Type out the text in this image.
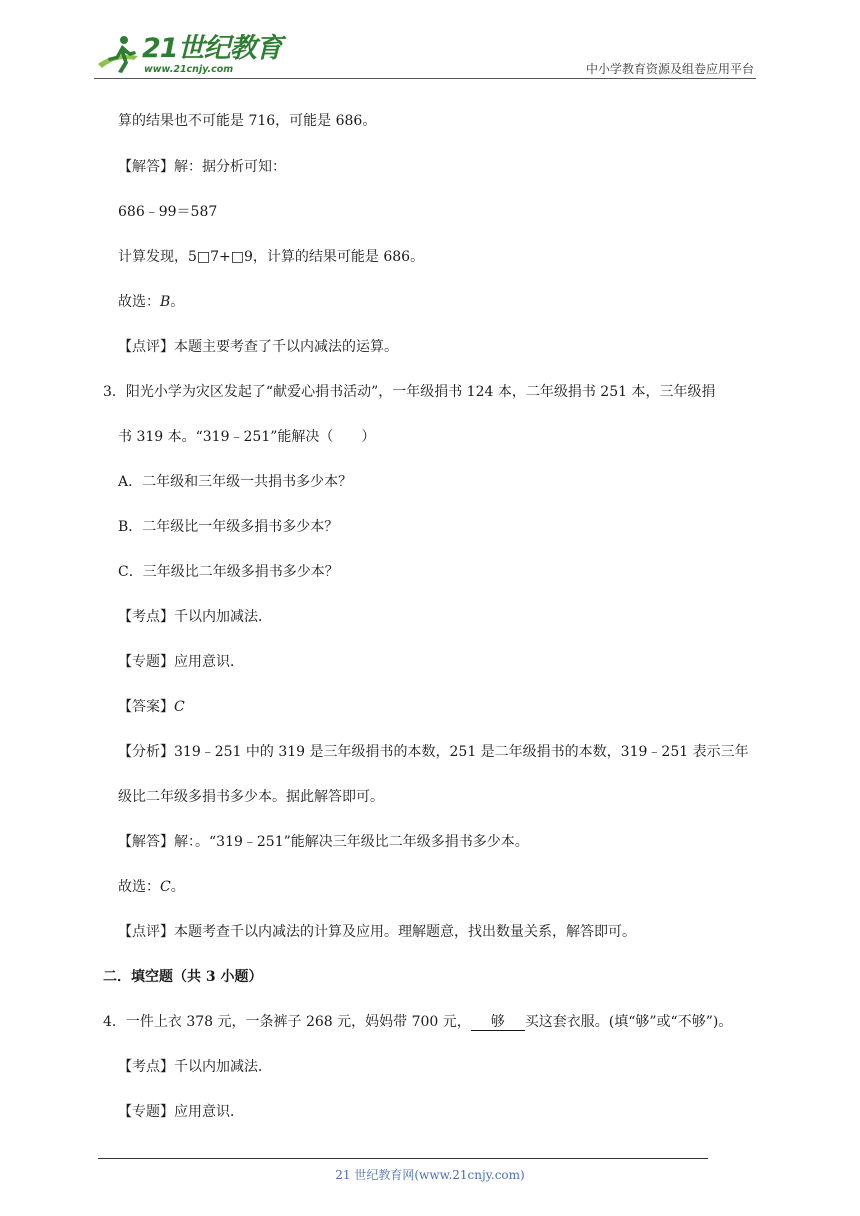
21世纪教育
www.21cnjy.com	中小学教育资源及组卷应用平台
算的结果也不可能是 716，可能是 686。
【解答】解：据分析可知：
686﹣99＝587
计算发现，5□7+□9，计算的结果可能是 686。
故选：B。
【点评】本题主要考查了千以内减法的运算。
3．阳光小学为灾区发起了“献爱心捐书活动”，一年级捐书 124 本，二年级捐书 251 本，三年级捐
书 319 本。“319﹣251”能解决（　　）
A．二年级和三年级一共捐书多少本？
B．二年级比一年级多捐书多少本？
C．三年级比二年级多捐书多少本？
【考点】千以内加减法．
【专题】应用意识．
【答案】C
【分析】319﹣251 中的 319 是三年级捐书的本数，251 是二年级捐书的本数，319﹣251 表示三年
级比二年级多捐书多少本。据此解答即可。
【解答】解：。“319﹣251”能解决三年级比二年级多捐书多少本。
故选：C。
【点评】本题考查千以内减法的计算及应用。理解题意，找出数量关系，解答即可。
二．填空题（共 3 小题）
4．一件上衣 378 元，一条裤子 268 元，妈妈带 700 元， 够 买这套衣服。(填“够”或“不够”)。
【考点】千以内加减法．
【专题】应用意识．
21 世纪教育网(www.21cnjy.com)
